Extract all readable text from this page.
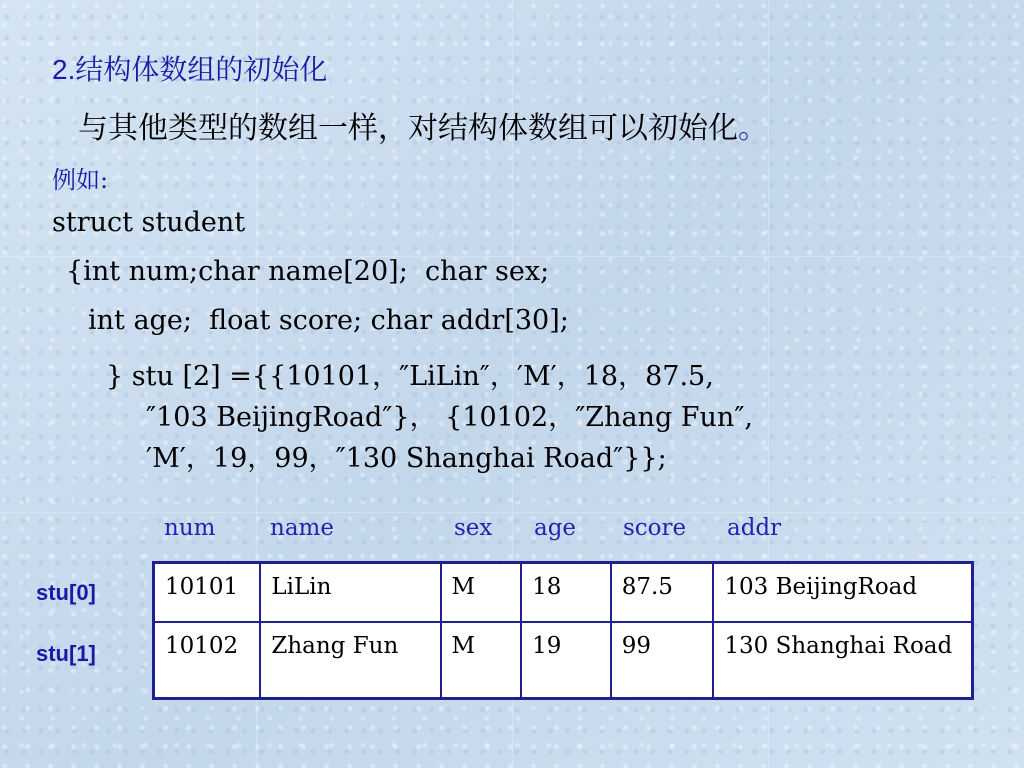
2.结构体数组的初始化
与其他类型的数组一样，对结构体数组可以初始化。
例如:
struct student
{int num;char name[20];  char sex;
int age;  float score; char addr[30];
} stu [2] ={{10101，″LiLin″，′M′，18，87.5,
″103 BeijingRoad″}， {10102，″Zhang Fun″,
′M′，19，99，″130 Shanghai Road″}};
num name	sex age score addr
stu[0]
stu[1]
10101	LiLin	M	18	87.5	103 BeijingRoad
10102	Zhang Fun	M	19	99	130 Shanghai Road
